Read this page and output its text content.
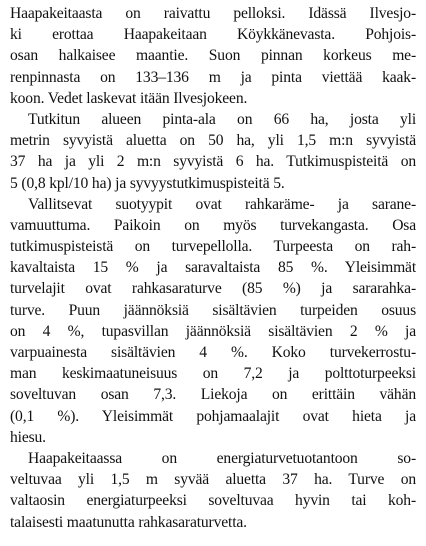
Haapakeitaasta on raivattu pelloksi. Idässä Ilvesjo-
ki erottaa Haapakeitaan Köykkänevasta. Pohjois-
osan halkaisee maantie. Suon pinnan korkeus me-
renpinnasta on 133–136 m ja pinta viettää kaak-
koon. Vedet laskevat itään Ilvesjokeen.
Tutkitun alueen pinta-ala on 66 ha, josta yli
metrin syvyistä aluetta on 50 ha, yli 1,5 m:n syvyistä
37 ha ja yli 2 m:n syvyistä 6 ha. Tutkimuspisteitä on
5 (0,8 kpl/10 ha) ja syvyystutkimuspisteitä 5.
Vallitsevat suotyypit ovat rahkaräme- ja sarane-
vamuuttuma. Paikoin on myös turvekangasta. Osa
tutkimuspisteistä on turvepellolla. Turpeesta on rah-
kavaltaista 15 % ja saravaltaista 85 %. Yleisimmät
turvelajit ovat rahkasaraturve (85 %) ja sararahka-
turve. Puun jäännöksiä sisältävien turpeiden osuus
on 4 %, tupasvillan jäännöksiä sisältävien 2 % ja
varpuainesta sisältävien 4 %. Koko turvekerrostu-
man keskimaatuneisuus on 7,2 ja polttoturpeeksi
soveltuvan osan 7,3. Liekoja on erittäin vähän
(0,1 %). Yleisimmät pohjamaalajit ovat hieta ja
hiesu.
Haapakeitaassa on energiaturvetuotantoon so-
veltuvaa yli 1,5 m syvää aluetta 37 ha. Turve on
valtaosin energiaturpeeksi soveltuvaa hyvin tai koh-
talaisesti maatunutta rahkasaraturvetta.
